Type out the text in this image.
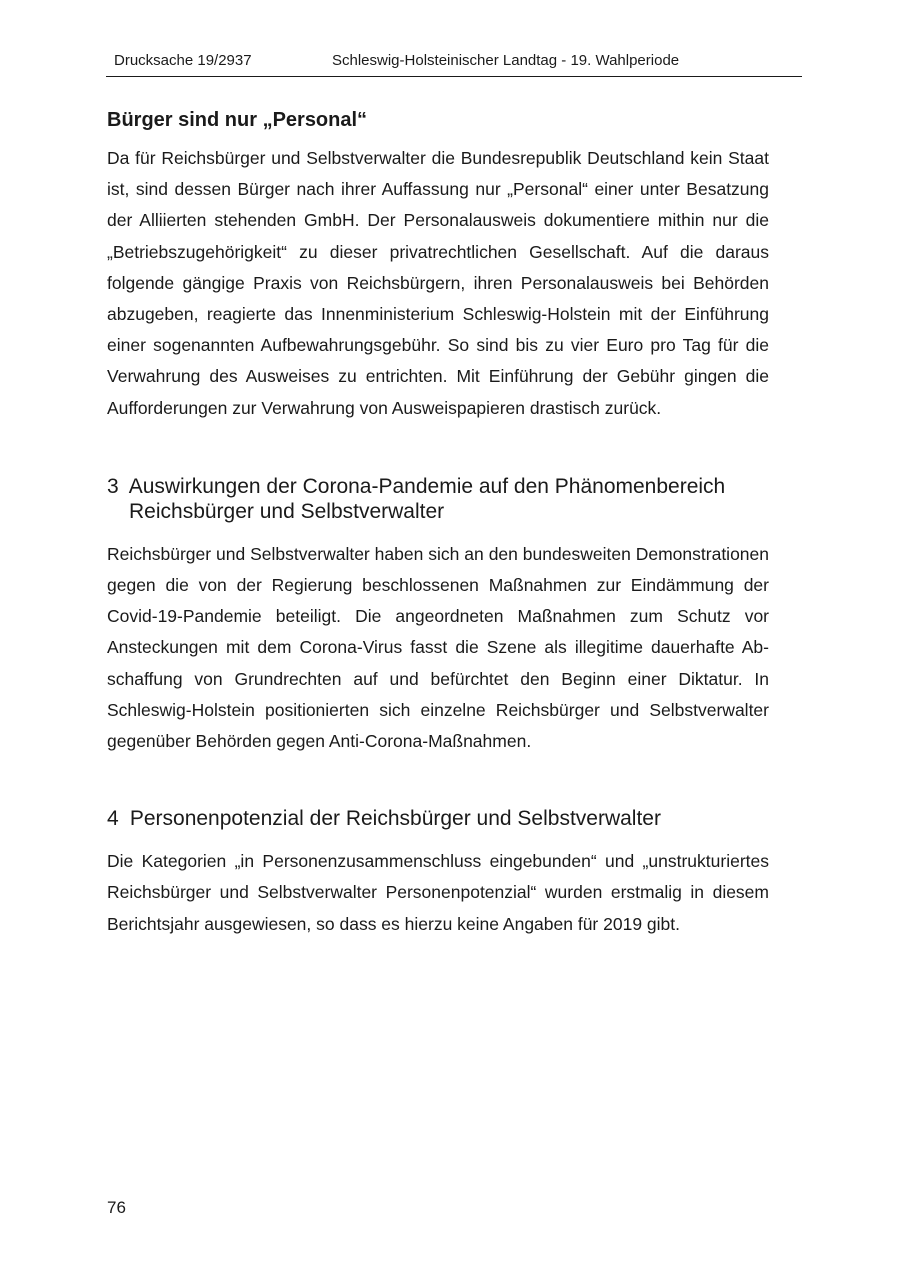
Drucksache 19/2937	Schleswig-Holsteinischer Landtag - 19. Wahlperiode
Bürger sind nur „Personal“

Da für Reichsbürger und Selbstverwalter die Bundesrepublik Deutschland kein Staat ist, sind dessen Bürger nach ihrer Auffassung nur „Personal“ einer unter Besatzung der Alliierten stehenden GmbH. Der Personalausweis dokumentiere mithin nur die „Betriebszugehörigkeit“ zu dieser privatrechtlichen Gesellschaft. Auf die daraus folgende gängige Praxis von Reichsbürgern, ihren Personalausweis bei Behörden abzugeben, reagierte das Innenministerium Schleswig-Holstein mit der Einführung einer sogenannten Aufbewahrungsgebühr. So sind bis zu vier Euro pro Tag für die Verwahrung des Ausweises zu entrichten. Mit Einführung der Gebühr gingen die Aufforderungen zur Verwahrung von Ausweispapieren drastisch zurück.

3 Auswirkungen der Corona-Pandemie auf den Phänomenbereich Reichsbürger und Selbstverwalter

Reichsbürger und Selbstverwalter haben sich an den bundesweiten Demonstrationen gegen die von der Regierung beschlossenen Maßnahmen zur Eindämmung der Covid-19-Pandemie beteiligt. Die angeordneten Maßnahmen zum Schutz vor Ansteckungen mit dem Corona-Virus fasst die Szene als illegitime dauerhafte Abschaffung von Grundrechten auf und befürchtet den Beginn einer Diktatur. In Schleswig-Holstein positionierten sich einzelne Reichsbürger und Selbstverwalter gegenüber Behörden gegen Anti-Corona-Maßnahmen.

4 Personenpotenzial der Reichsbürger und Selbstverwalter

Die Kategorien „in Personenzusammenschluss eingebunden“ und „unstrukturiertes Reichsbürger und Selbstverwalter Personenpotenzial“ wurden erstmalig in diesem Berichtsjahr ausgewiesen, so dass es hierzu keine Angaben für 2019 gibt.

76
